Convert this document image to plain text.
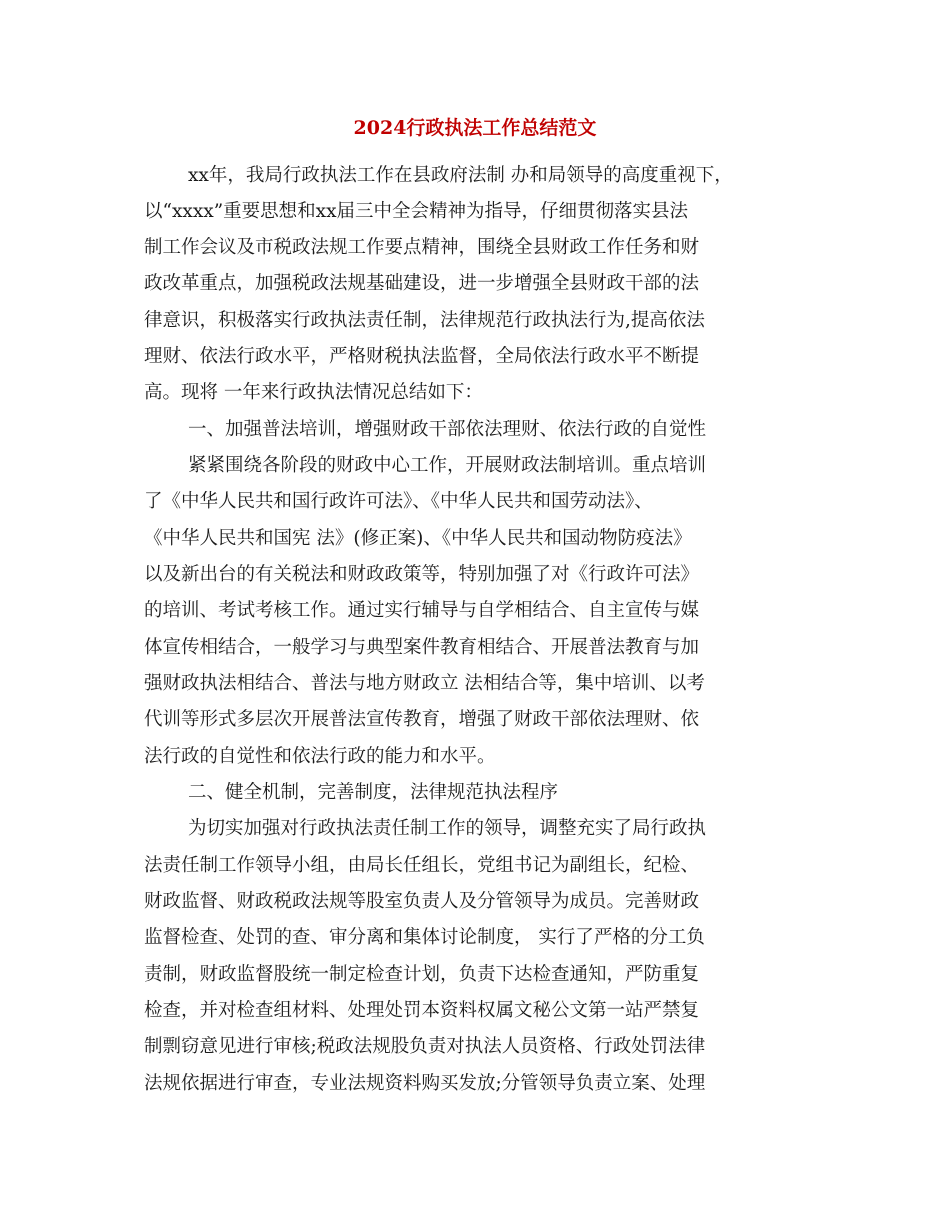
2024行政执法工作总结范文
xx年，我局行政执法工作在县政府法制 办和局领导的高度重视下，
以“xxxx”重要思想和xx届三中全会精神为指导，仔细贯彻落实县法
制工作会议及市税政法规工作要点精神，围绕全县财政工作任务和财
政改革重点，加强税政法规基础建设，进一步增强全县财政干部的法
律意识，积极落实行政执法责任制，法律规范行政执法行为,提高依法
理财、依法行政水平，严格财税执法监督，全局依法行政水平不断提
高。现将 一年来行政执法情况总结如下：
一、加强普法培训，增强财政干部依法理财、依法行政的自觉性
紧紧围绕各阶段的财政中心工作，开展财政法制培训。重点培训
了《中华人民共和国行政许可法》、《中华人民共和国劳动法》、
《中华人民共和国宪 法》(修正案)、《中华人民共和国动物防疫法》
以及新出台的有关税法和财政政策等，特别加强了对《行政许可法》
的培训、考试考核工作。通过实行辅导与自学相结合、自主宣传与媒
体宣传相结合，一般学习与典型案件教育相结合、开展普法教育与加
强财政执法相结合、普法与地方财政立 法相结合等，集中培训、以考
代训等形式多层次开展普法宣传教育，增强了财政干部依法理财、依
法行政的自觉性和依法行政的能力和水平。
二、健全机制，完善制度，法律规范执法程序
为切实加强对行政执法责任制工作的领导，调整充实了局行政执
法责任制工作领导小组，由局长任组长，党组书记为副组长，纪检、
财政监督、财政税政法规等股室负责人及分管领导为成员。完善财政
监督检查、处罚的查、审分离和集体讨论制度， 实行了严格的分工负
责制，财政监督股统一制定检查计划，负责下达检查通知，严防重复
检查，并对检查组材料、处理处罚本资料权属文秘公文第一站严禁复
制剽窃意见进行审核;税政法规股负责对执法人员资格、行政处罚法律
法规依据进行审查，专业法规资料购买发放;分管领导负责立案、处理
